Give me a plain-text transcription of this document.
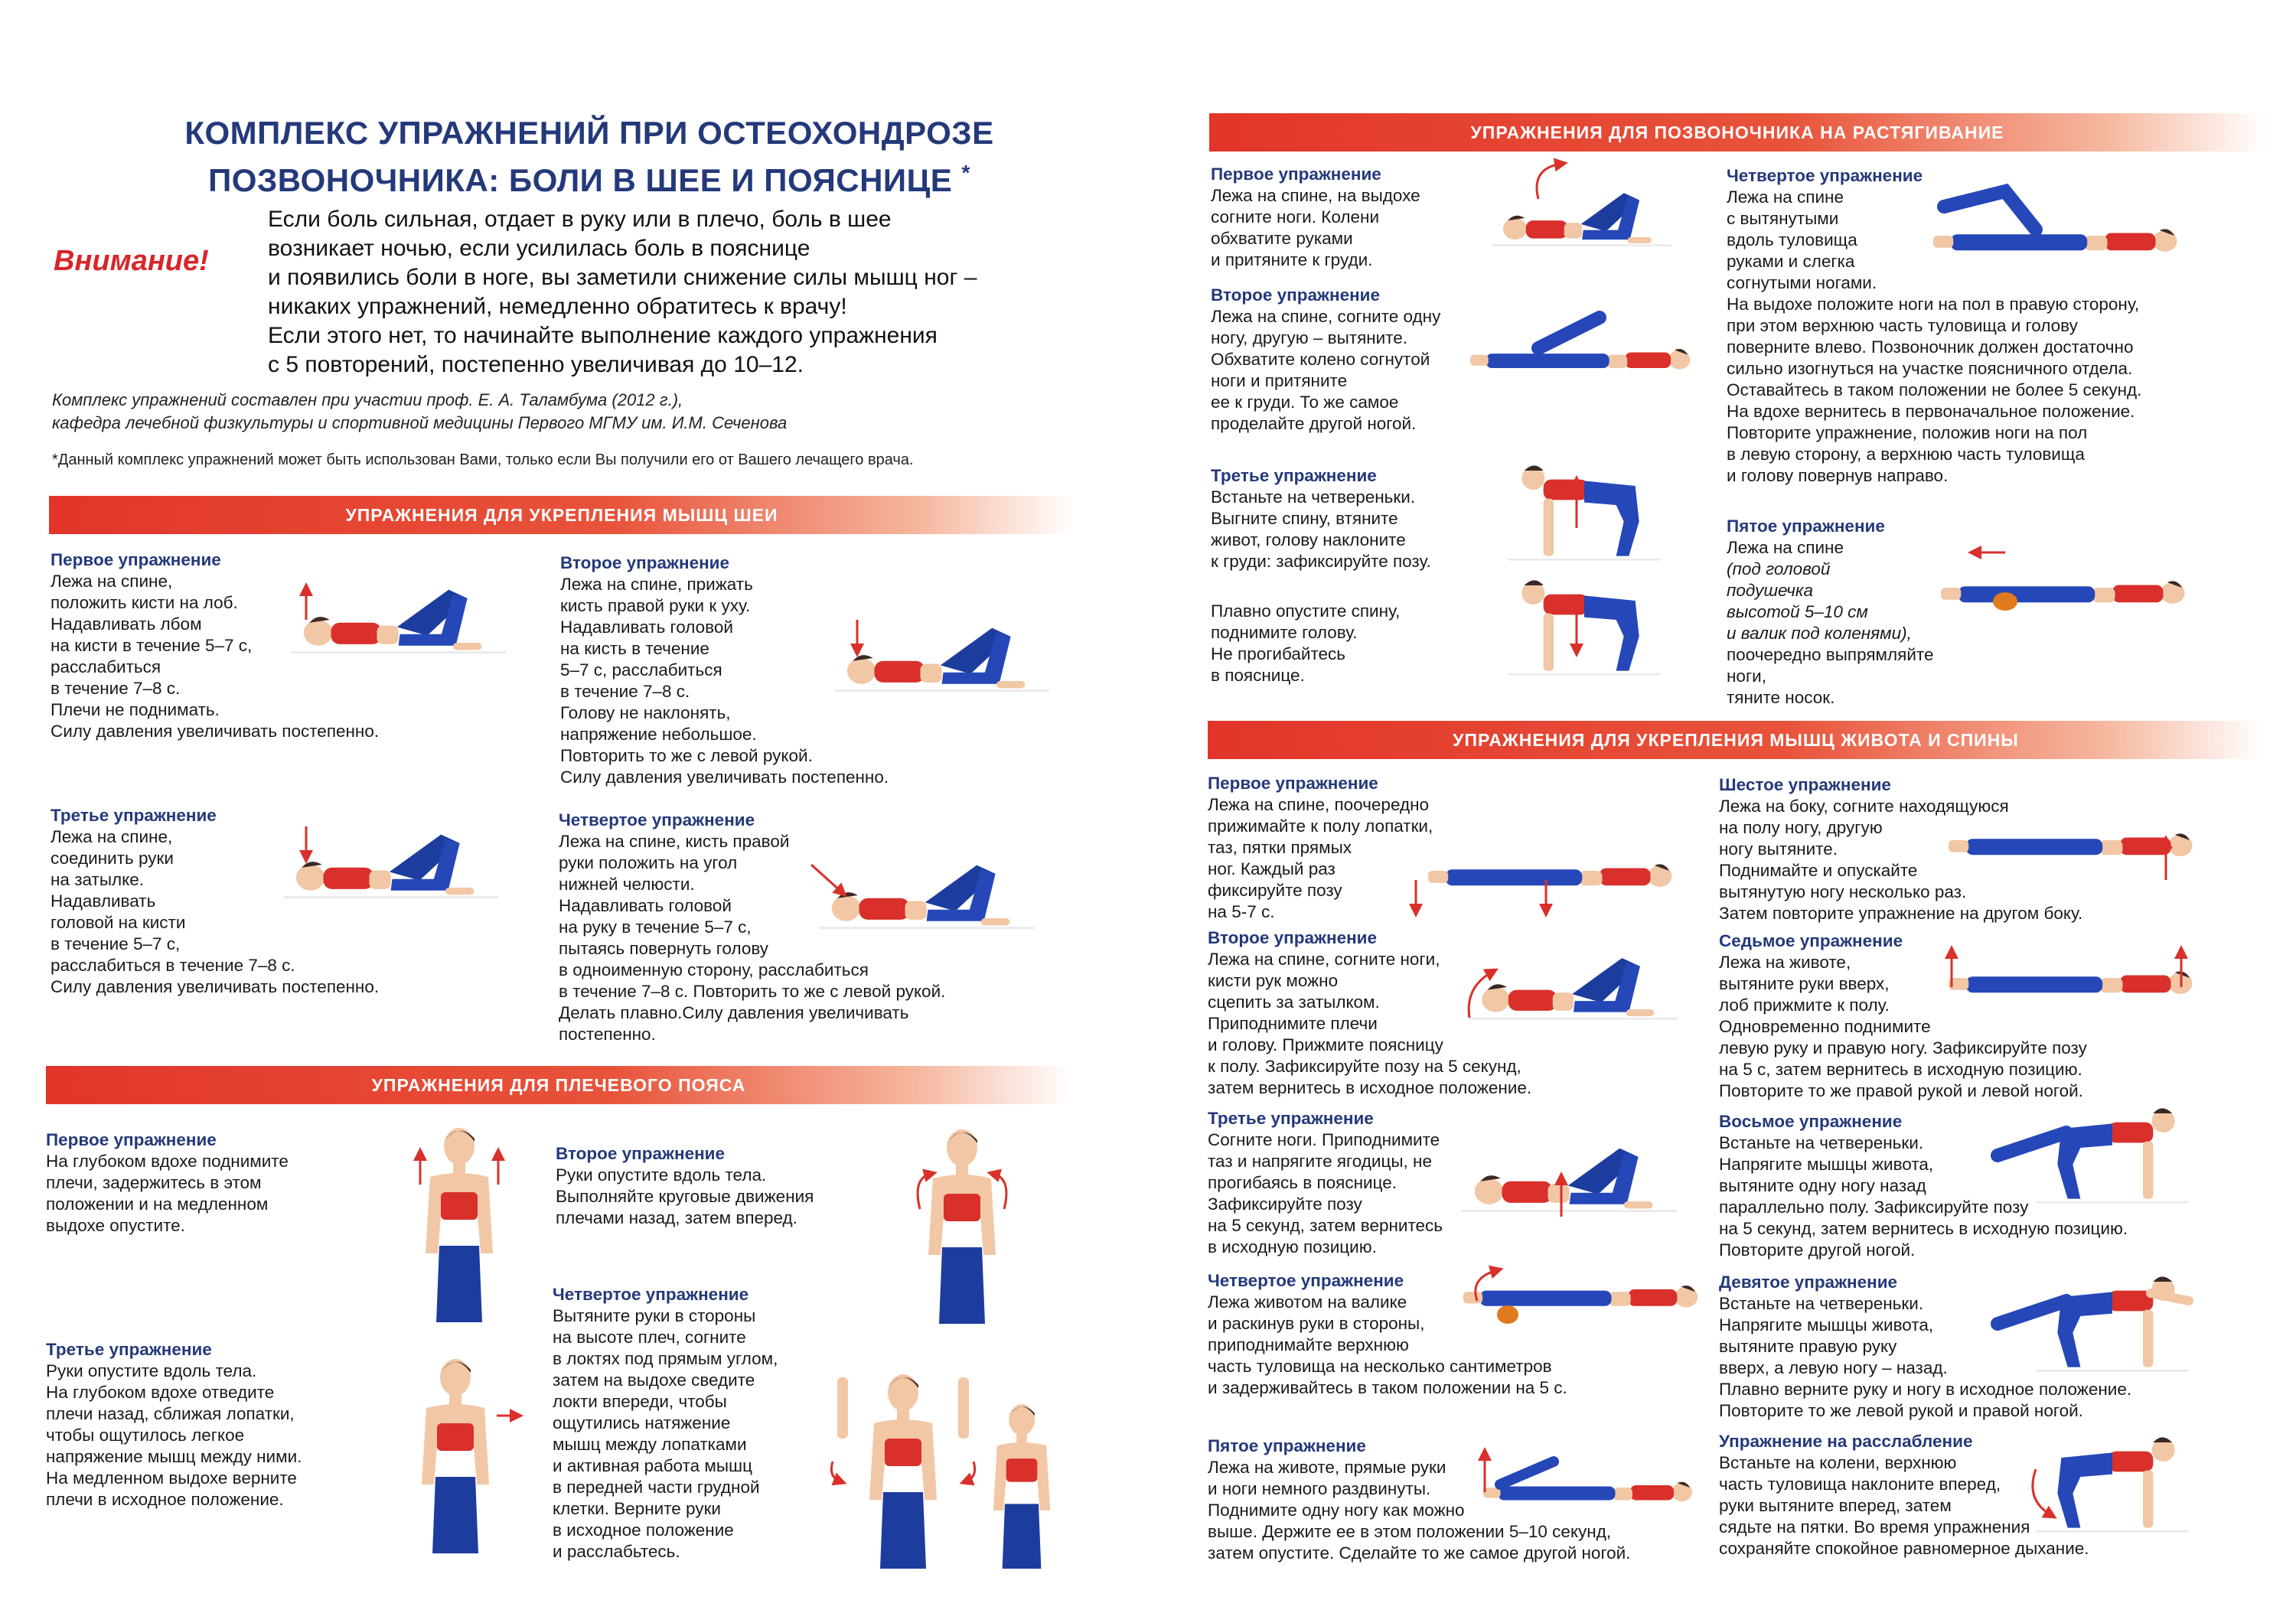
КОМПЛЕКС УПРАЖНЕНИЙ ПРИ ОСТЕОХОНДРОЗЕ
ПОЗВОНОЧНИКА: БОЛИ В ШЕЕ И ПОЯСНИЦЕ *
Внимание!
Если боль сильная, отдает в руку или в плечо, боль в шее
возникает ночью, если усилилась боль в пояснице
и появились боли в ноге, вы заметили снижение силы мышц ног –
никаких упражнений, немедленно обратитесь к врачу!
Если этого нет, то начинайте выполнение каждого упражнения
с 5 повторений, постепенно увеличивая до 10–12.
Комплекс упражнений составлен при участии проф. Е. А. Таламбума (2012 г.),
кафедра лечебной физкультуры и спортивной медицины Первого МГМУ им. И.М. Сеченова
*Данный комплекс упражнений может быть использован Вами, только если Вы получили его от Вашего лечащего врача.
УПРАЖНЕНИЯ ДЛЯ УКРЕПЛЕНИЯ МЫШЦ ШЕИ
Первое упражнение
Лежа на спине,
положить кисти на лоб.
Надавливать лбом
на кисти в течение 5–7 с,
расслабиться
в течение 7–8 с.
Плечи не поднимать.
Силу давления увеличивать постепенно.
Второе упражнение
Лежа на спине, прижать
кисть правой руки к уху.
Надавливать головой
на кисть в течение
5–7 с, расслабиться
в течение 7–8 с.
Голову не наклонять,
напряжение небольшое.
Повторить то же с левой рукой.
Силу давления увеличивать постепенно.
Третье упражнение
Лежа на спине,
соединить руки
на затылке.
Надавливать
головой на кисти
в течение 5–7 с,
расслабиться в течение 7–8 с.
Силу давления увеличивать постепенно.
Четвертое упражнение
Лежа на спине, кисть правой
руки положить на угол
нижней челюсти.
Надавливать головой
на руку в течение 5–7 с,
пытаясь повернуть голову
в одноименную сторону, расслабиться
в течение 7–8 с. Повторить то же с левой рукой.
Делать плавно.Силу давления увеличивать
постепенно.
УПРАЖНЕНИЯ ДЛЯ ПЛЕЧЕВОГО ПОЯСА
Первое упражнение
На глубоком вдохе поднимите
плечи, задержитесь в этом
положении и на медленном
выдохе опустите.
Второе упражнение
Руки опустите вдоль тела.
Выполняйте круговые движения
плечами назад, затем вперед.
Третье упражнение
Руки опустите вдоль тела.
На глубоком вдохе отведите
плечи назад, сближая лопатки,
чтобы ощутилось легкое
напряжение мышц между ними.
На медленном выдохе верните
плечи в исходное положение.
Четвертое упражнение
Вытяните руки в стороны
на высоте плеч, согните
в локтях под прямым углом,
затем на выдохе сведите
локти впереди, чтобы
ощутились натяжение
мышц между лопатками
и активная работа мышц
в передней части грудной
клетки. Верните руки
в исходное положение
и расслабьтесь.
УПРАЖНЕНИЯ ДЛЯ ПОЗВОНОЧНИКА НА РАСТЯГИВАНИЕ
Первое упражнение
Лежа на спине, на выдохе
согните ноги. Колени
обхватите руками
и притяните к груди.
Второе упражнение
Лежа на спине, согните одну
ногу, другую – вытяните.
Обхватите колено согнутой
ноги и притяните
ее к груди. То же самое
проделайте другой ногой.
Третье упражнение
Встаньте на четвереньки.
Выгните спину, втяните
живот, голову наклоните
к груди: зафиксируйте позу.
Плавно опустите спину,
поднимите голову.
Не прогибайтесь
в пояснице.
Четвертое упражнение
Лежа на спине
с вытянутыми
вдоль туловища
руками и слегка
согнутыми ногами.
На выдохе положите ноги на пол в правую сторону,
при этом верхнюю часть туловища и голову
поверните влево. Позвоночник должен достаточно
сильно изогнуться на участке поясничного отдела.
Оставайтесь в таком положении не более 5 секунд.
На вдохе вернитесь в первоначальное положение.
Повторите упражнение, положив ноги на пол
в левую сторону, а верхнюю часть туловища
и голову повернув направо.
Пятое упражнение
Лежа на спине
(под головой
подушечка
высотой 5–10 см
и валик под коленями),
поочередно выпрямляйте ноги,
тяните носок.
УПРАЖНЕНИЯ ДЛЯ УКРЕПЛЕНИЯ МЫШЦ ЖИВОТА И СПИНЫ
Первое упражнение
Лежа на спине, поочередно
прижимайте к полу лопатки,
таз, пятки прямых
ног. Каждый раз
фиксируйте позу
на 5-7 с.
Второе упражнение
Лежа на спине, согните ноги,
кисти рук можно
сцепить за затылком.
Приподнимите плечи
и голову. Прижмите поясницу
к полу. Зафиксируйте позу на 5 секунд,
затем вернитесь в исходное положение.
Третье упражнение
Согните ноги. Приподнимите
таз и напрягите ягодицы, не
прогибаясь в пояснице.
Зафиксируйте позу
на 5 секунд, затем вернитесь
в исходную позицию.
Четвертое упражнение
Лежа животом на валике
и раскинув руки в стороны,
приподнимайте верхнюю
часть туловища на несколько сантиметров
и задерживайтесь в таком положении на 5 с.
Пятое упражнение
Лежа на животе, прямые руки
и ноги немного раздвинуты.
Поднимите одну ногу как можно
выше. Держите ее в этом положении 5–10 секунд,
затем опустите. Сделайте то же самое другой ногой.
Шестое упражнение
Лежа на боку, согните находящуюся
на полу ногу, другую
ногу вытяните.
Поднимайте и опускайте
вытянутую ногу несколько раз.
Затем повторите упражнение на другом боку.
Седьмое упражнение
Лежа на животе,
вытяните руки вверх,
лоб прижмите к полу.
Одновременно поднимите
левую руку и правую ногу. Зафиксируйте позу
на 5 с, затем вернитесь в исходную позицию.
Повторите то же правой рукой и левой ногой.
Восьмое упражнение
Встаньте на четвереньки.
Напрягите мышцы живота,
вытяните одну ногу назад
параллельно полу. Зафиксируйте позу
на 5 секунд, затем вернитесь в исходную позицию.
Повторите другой ногой.
Девятое упражнение
Встаньте на четвереньки.
Напрягите мышцы живота,
вытяните правую руку
вверх, а левую ногу – назад.
Плавно верните руку и ногу в исходное положение.
Повторите то же левой рукой и правой ногой.
Упражнение на расслабление
Встаньте на колени, верхнюю
часть туловища наклоните вперед,
руки вытяните вперед, затем
сядьте на пятки. Во время упражнения
сохраняйте спокойное равномерное дыхание.
